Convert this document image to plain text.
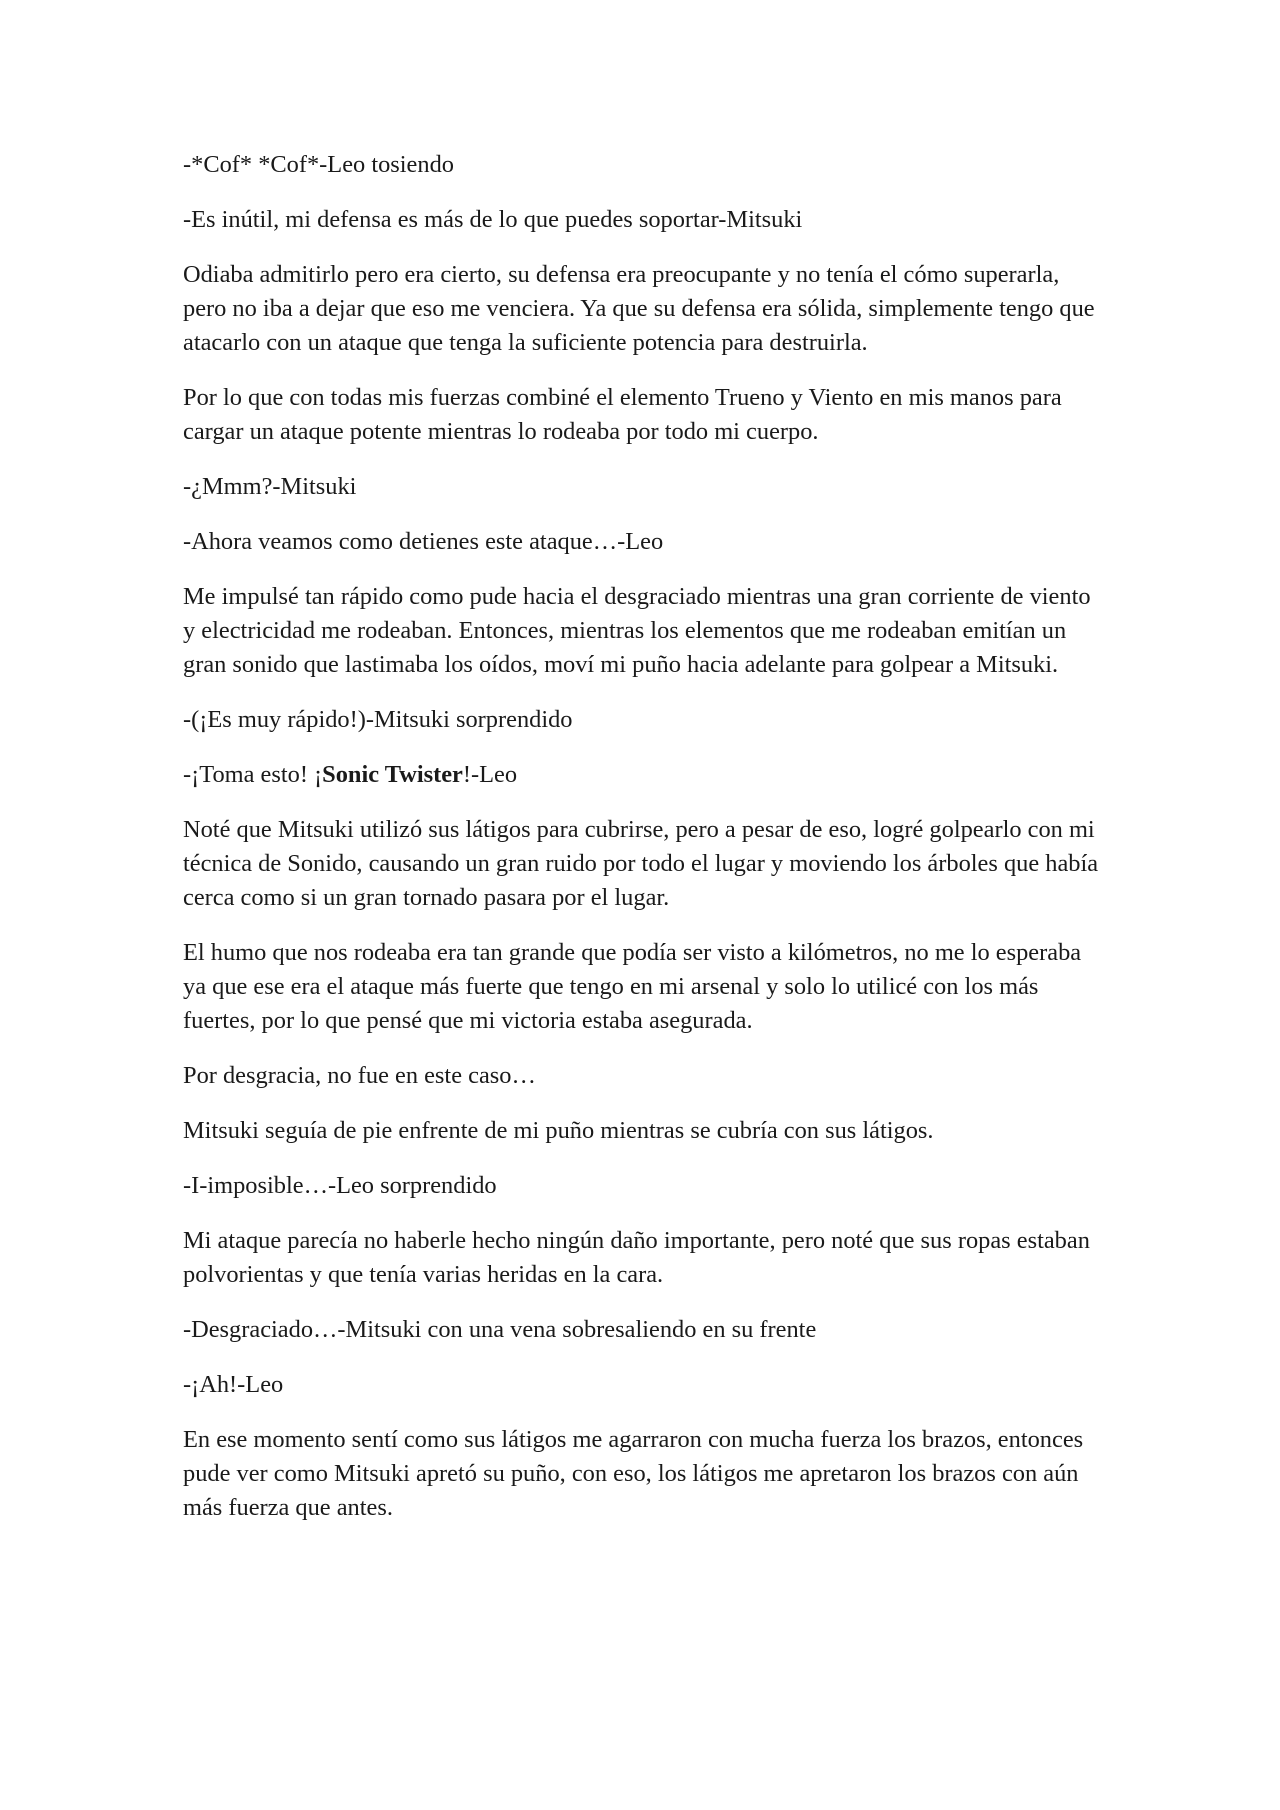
-*Cof* *Cof*-Leo tosiendo

-Es inútil, mi defensa es más de lo que puedes soportar-Mitsuki

Odiaba admitirlo pero era cierto, su defensa era preocupante y no tenía el cómo superarla, pero no iba a dejar que eso me venciera. Ya que su defensa era sólida, simplemente tengo que atacarlo con un ataque que tenga la suficiente potencia para destruirla.

Por lo que con todas mis fuerzas combiné el elemento Trueno y Viento en mis manos para cargar un ataque potente mientras lo rodeaba por todo mi cuerpo.

-¿Mmm?-Mitsuki

-Ahora veamos como detienes este ataque…-Leo

Me impulsé tan rápido como pude hacia el desgraciado mientras una gran corriente de viento y electricidad me rodeaban. Entonces, mientras los elementos que me rodeaban emitían un gran sonido que lastimaba los oídos, moví mi puño hacia adelante para golpear a Mitsuki.

-(¡Es muy rápido!)-Mitsuki sorprendido

-¡Toma esto! ¡Sonic Twister!-Leo

Noté que Mitsuki utilizó sus látigos para cubrirse, pero a pesar de eso, logré golpearlo con mi técnica de Sonido, causando un gran ruido por todo el lugar y moviendo los árboles que había cerca como si un gran tornado pasara por el lugar.

El humo que nos rodeaba era tan grande que podía ser visto a kilómetros, no me lo esperaba ya que ese era el ataque más fuerte que tengo en mi arsenal y solo lo utilicé con los más fuertes, por lo que pensé que mi victoria estaba asegurada.

Por desgracia, no fue en este caso…

Mitsuki seguía de pie enfrente de mi puño mientras se cubría con sus látigos.

-I-imposible…-Leo sorprendido

Mi ataque parecía no haberle hecho ningún daño importante, pero noté que sus ropas estaban polvorientas y que tenía varias heridas en la cara.

-Desgraciado…-Mitsuki con una vena sobresaliendo en su frente

-¡Ah!-Leo

En ese momento sentí como sus látigos me agarraron con mucha fuerza los brazos, entonces pude ver como Mitsuki apretó su puño, con eso, los látigos me apretaron los brazos con aún más fuerza que antes.
